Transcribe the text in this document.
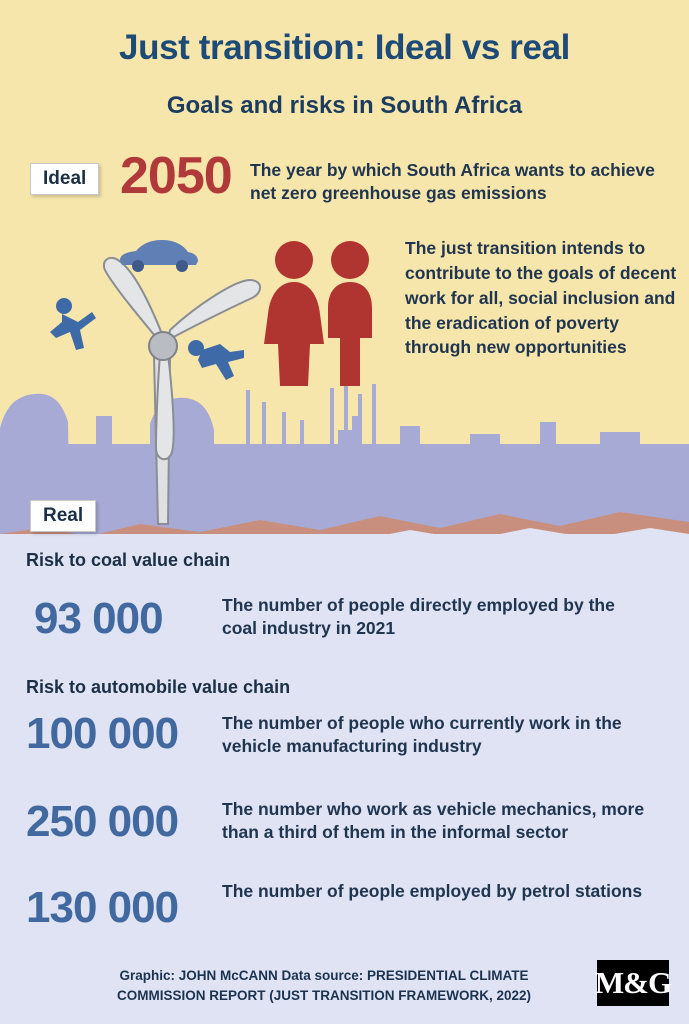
Just transition: Ideal vs real
Goals and risks in South Africa
Ideal
Real
2050 The year by which South Africa wants to achieve net zero greenhouse gas emissions
The just transition intends to contribute to the goals of decent work for all, social inclusion and the eradication of poverty through new opportunities
Risk to coal value chain
93 000	The number of people directly employed by the coal industry in 2021
Risk to automobile value chain
100 000	The number of people who currently work in the vehicle manufacturing industry
250 000	The number who work as vehicle mechanics, more than a third of them in the informal sector
130 000	The number of people employed by petrol stations
Graphic: JOHN McCANN Data source: PRESIDENTIAL CLIMATE COMMISSION REPORT (JUST TRANSITION FRAMEWORK, 2022)	M&G
